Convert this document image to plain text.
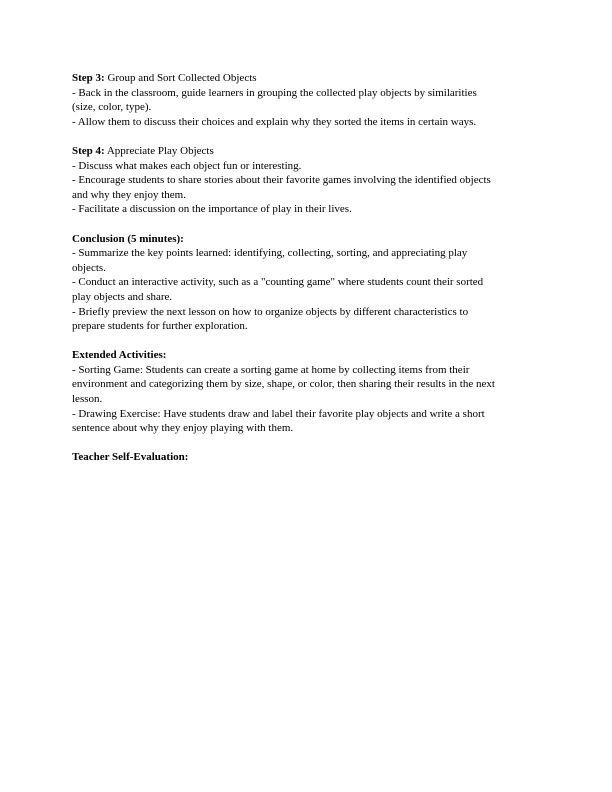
Step 3: Group and Sort Collected Objects
- Back in the classroom, guide learners in grouping the collected play objects by similarities
(size, color, type).
- Allow them to discuss their choices and explain why they sorted the items in certain ways.
Step 4: Appreciate Play Objects
- Discuss what makes each object fun or interesting.
- Encourage students to share stories about their favorite games involving the identified objects
and why they enjoy them.
- Facilitate a discussion on the importance of play in their lives.
Conclusion (5 minutes):
- Summarize the key points learned: identifying, collecting, sorting, and appreciating play
objects.
- Conduct an interactive activity, such as a "counting game" where students count their sorted
play objects and share.
- Briefly preview the next lesson on how to organize objects by different characteristics to
prepare students for further exploration.
Extended Activities:
- Sorting Game: Students can create a sorting game at home by collecting items from their
environment and categorizing them by size, shape, or color, then sharing their results in the next
lesson.
- Drawing Exercise: Have students draw and label their favorite play objects and write a short
sentence about why they enjoy playing with them.
Teacher Self-Evaluation:
